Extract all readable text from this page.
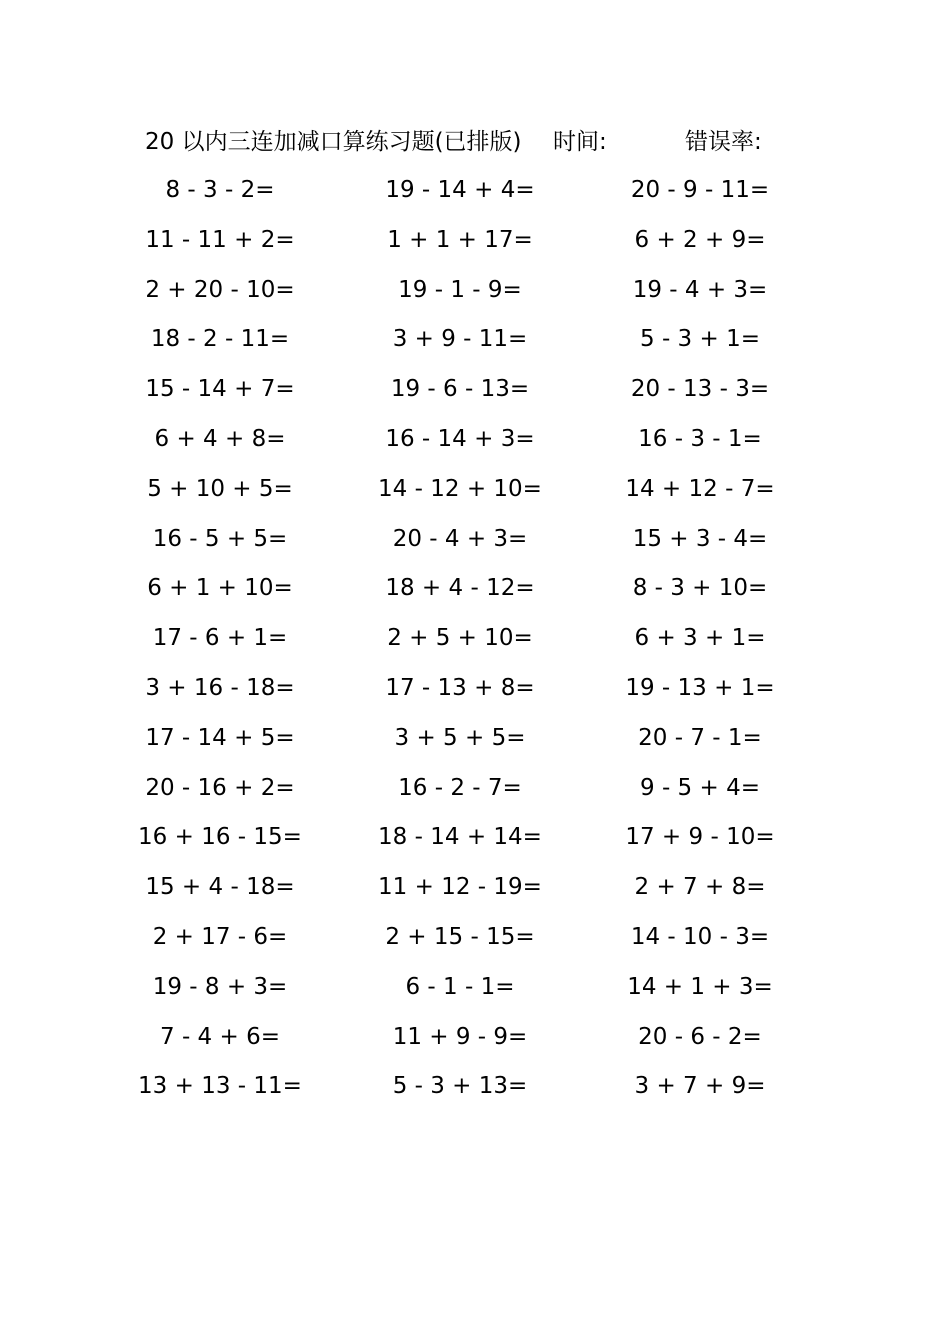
20 以内三连加减口算练习题(已排版) 时间:	错误率:
8 - 3 - 2=	19 - 14 + 4=	20 - 9 - 11=
11 - 11 + 2=	1 + 1 + 17=	6 + 2 + 9=
2 + 20 - 10=	19 - 1 - 9=	19 - 4 + 3=
18 - 2 - 11=	3 + 9 - 11=	5 - 3 + 1=
15 - 14 + 7=	19 - 6 - 13=	20 - 13 - 3=
6 + 4 + 8=	16 - 14 + 3=	16 - 3 - 1=
5 + 10 + 5=	14 - 12 + 10=	14 + 12 - 7=
16 - 5 + 5=	20 - 4 + 3=	15 + 3 - 4=
6 + 1 + 10=	18 + 4 - 12=	8 - 3 + 10=
17 - 6 + 1=	2 + 5 + 10=	6 + 3 + 1=
3 + 16 - 18=	17 - 13 + 8=	19 - 13 + 1=
17 - 14 + 5=	3 + 5 + 5=	20 - 7 - 1=
20 - 16 + 2=	16 - 2 - 7=	9 - 5 + 4=
16 + 16 - 15=	18 - 14 + 14=	17 + 9 - 10=
15 + 4 - 18=	11 + 12 - 19=	2 + 7 + 8=
2 + 17 - 6=	2 + 15 - 15=	14 - 10 - 3=
19 - 8 + 3=	6 - 1 - 1=	14 + 1 + 3=
7 - 4 + 6=	11 + 9 - 9=	20 - 6 - 2=
13 + 13 - 11=	5 - 3 + 13=	3 + 7 + 9=
